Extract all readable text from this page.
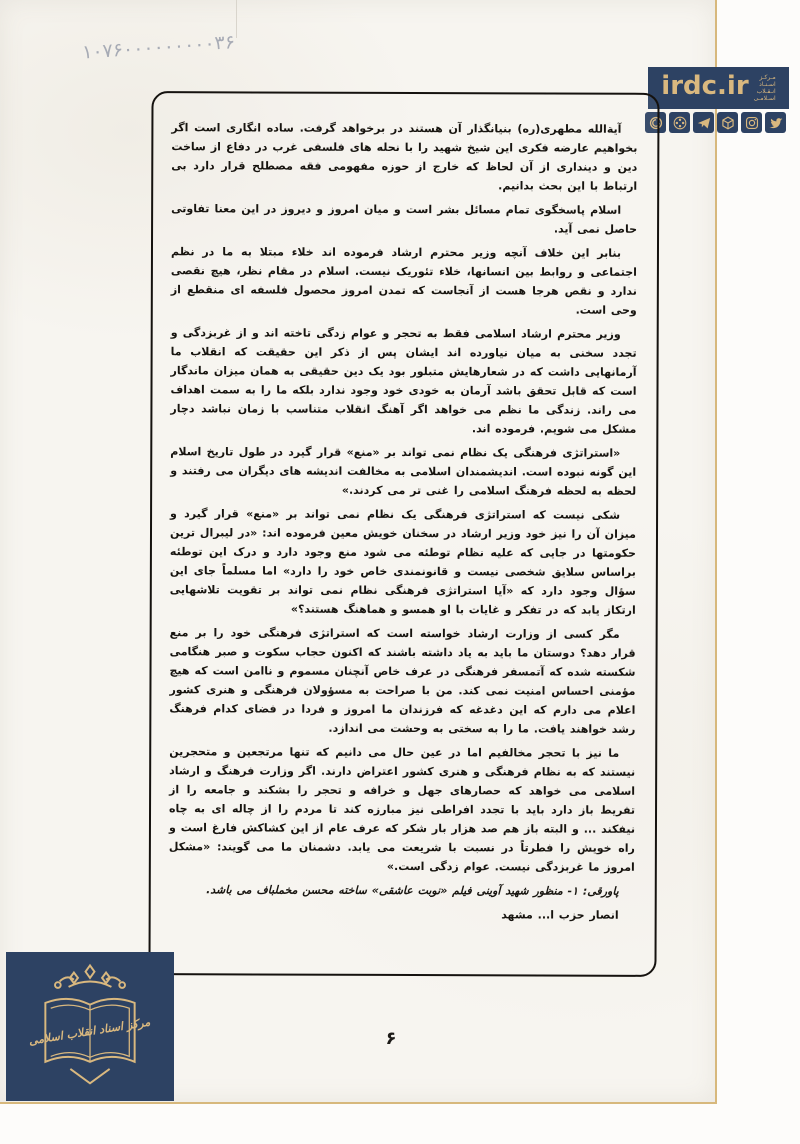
۱۰۷۶۰۰۰۰۰۰۰۰۰۳۶
irdc.ir مـرکـز
اسـنـاد
انـقـلاب
اسـلامـی

آیة‌الله مطهری(ره) بنیانگذار آن هستند در برخواهد گرفت. ساده انگاری است اگر بخواهیم عارضه فکری این شیخ شهید را با نحله های فلسفی غرب در دفاع از ساخت دین و دینداری از آن لحاظ که خارج از حوزه مفهومی فقه مصطلح قرار دارد بی ارتباط با این بحث بدانیم.

اسلام پاسخگوی تمام مسائل بشر است و میان امروز و دیروز در این معنا تفاوتی حاصل نمی آید.

بنابر این خلاف آنچه وزیر محترم ارشاد فرموده اند خلاء مبتلا به ما در نظم اجتماعی و روابط بین انسانها، خلاء تئوریک نیست. اسلام در مقام نظر، هیچ نقصی ندارد و نقص هرجا هست از آنجاست که تمدن امروز محصول فلسفه ای منقطع از وحی است.

وزیر محترم ارشاد اسلامی فقط به تحجر و عوام زدگی تاخته اند و از غربزدگی و تجدد سخنی به میان نیاورده اند ایشان پس از ذکر این حقیقت که انقلاب ما آرمانهایی داشت که در شعارهایش متبلور بود یک دین حقیقی به همان میزان ماندگار است که قابل تحقق باشد آرمان به خودی خود وجود ندارد بلکه ما را به سمت اهداف می راند. زندگی ما نظم می خواهد اگر آهنگ انقلاب متناسب با زمان نباشد دچار مشکل می شویم. فرموده اند.

«استراتژی فرهنگی یک نظام نمی تواند بر «منع» قرار گیرد در طول تاریخ اسلام این گونه نبوده است. اندیشمندان اسلامی به مخالفت اندیشه های دیگران می رفتند و لحظه به لحظه فرهنگ اسلامی را غنی تر می کردند.»

شکی نیست که استراتژی فرهنگی یک نظام نمی تواند بر «منع» قرار گیرد و میزان آن را نیز خود وزیر ارشاد در سخنان خویش معین فرموده اند: «در لیبرال ترین حکومتها در جایی که علیه نظام توطئه می شود منع وجود دارد و درک این توطئه براساس سلایق شخصی نیست و قانونمندی خاص خود را دارد» اما مسلماً جای این سؤال وجود دارد که «آیا استراتژی فرهنگی نظام نمی تواند بر تقویت تلاشهایی ارتکاز یابد که در تفکر و غایات با او همسو و هماهنگ هستند؟»

مگر کسی از وزارت ارشاد خواسته است که استراتژی فرهنگی خود را بر منع قرار دهد؟ دوستان ما باید به یاد داشته باشند که اکنون حجاب سکوت و صبر هنگامی شکسته شده که آتمسفر فرهنگی در عرف خاص آنچنان مسموم و ناامن است که هیچ مؤمنی احساس امنیت نمی کند. من با صراحت به مسؤولان فرهنگی و هنری کشور اعلام می دارم که این دغدغه که فرزندان ما امروز و فردا در فضای کدام فرهنگ رشد خواهند یافت. ما را به سختی به وحشت می اندازد.

ما نیز با تحجر مخالفیم اما در عین حال می دانیم که تنها مرتجعین و متحجرین نیستند که به نظام فرهنگی و هنری کشور اعتراض دارند. اگر وزارت فرهنگ و ارشاد اسلامی می خواهد که حصارهای جهل و خرافه و تحجر را بشکند و جامعه را از تفریط باز دارد باید با تجدد افراطی نیز مبارزه کند تا مردم را از چاله ای به چاه نیفکند ... و البته باز هم صد هزار بار شکر که عرف عام از این کشاکش فارغ است و راه خویش را فطرتاً در نسبت با شریعت می یابد. دشمنان ما می گویند: «مشکل امروز ما غربزدگی نیست. عوام زدگی است.»

پاورقی: ۱- منظور شهید آوینی فیلم «نوبت عاشقی» ساخته محسن مخملباف می باشد.

انصار حزب ا... مشهد

۶
مرکز اسناد انقلاب اسلامی
